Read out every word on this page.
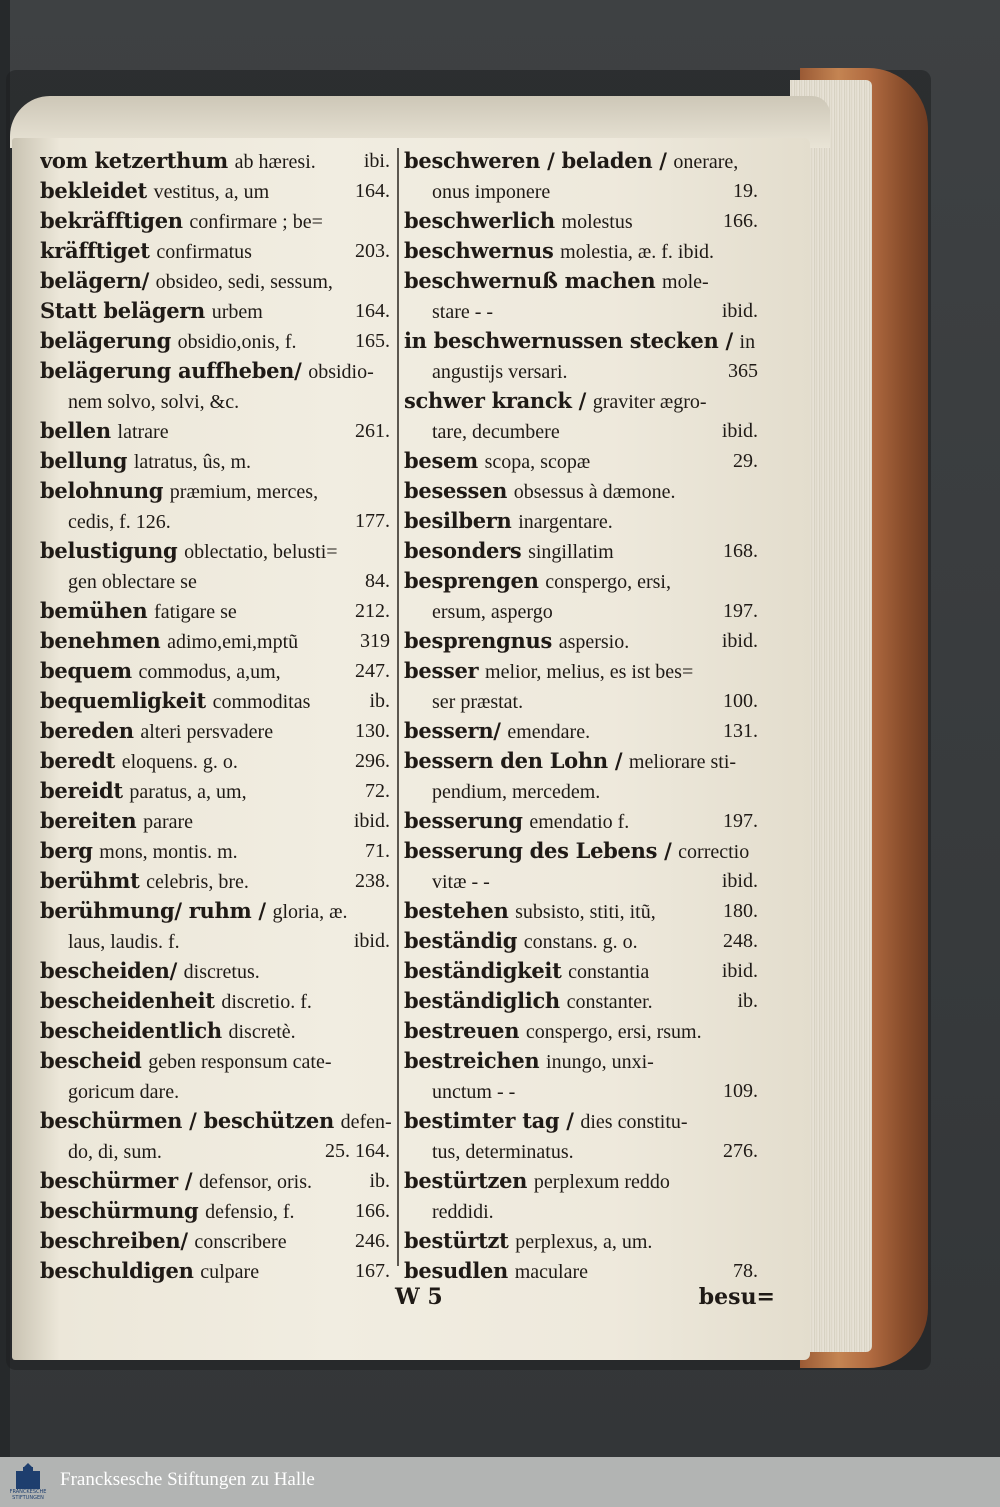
vom ketzerthum ab hæresi. ibi.
bekleidet vestitus, a, um	164.
bekräfftigen confirmare ; be=
kräfftiget confirmatus	203.
belägern/ obsideo, sedi, sessum,
Statt belägern urbem	164.
belägerung obsidio,onis, f.	165.
belägerung auffheben/ obsidio-
nem solvo, solvi, &c.
bellen latrare	261.
bellung latratus, ûs, m.
belohnung præmium, merces,
cedis, f. 126.	177.
belustigung oblectatio, belusti=
gen oblectare se	84.
bemühen fatigare se	212.
benehmen adimo,emi,mptũ	319
bequem commodus, a,um,	247.
bequemligkeit commoditas	ib.
bereden alteri persvadere	130.
beredt eloquens. g. o.	296.
bereidt paratus, a, um,	72.
bereiten parare	ibid.
berg mons, montis. m.	71.
berühmt celebris, bre.	238.
berühmung/ ruhm / gloria, æ.
laus, laudis. f.	ibid.
bescheiden/ discretus.
bescheidenheit discretio. f.
bescheidentlich discretè.
bescheid geben responsum cate-
goricum dare.
beschürmen / beschützen defen-
do, di, sum.	25. 164.
beschürmer / defensor, oris.	ib.
beschürmung defensio, f.	166.
beschreiben/ conscribere	246.
beschuldigen culpare	167.
beschweren / beladen / onerare,
onus imponere	19.
beschwerlich molestus	166.
beschwernus molestia, æ. f. ibid.
beschwernuß machen mole-
stare - -	ibid.
in beschwernussen stecken / in
angustijs versari.	365
schwer kranck / graviter ægro-
tare, decumbere	ibid.
besem scopa, scopæ	29.
besessen obsessus à dæmone.
besilbern inargentare.
besonders singillatim	168.
besprengen conspergo, ersi,
ersum, aspergo	197.
besprengnus aspersio.	ibid.
besser melior, melius, es ist bes=
ser præstat.	100.
bessern/ emendare.	131.
bessern den Lohn / meliorare sti-
pendium, mercedem.
besserung emendatio f.	197.
besserung des Lebens / correctio
vitæ - -	ibid.
bestehen subsisto, stiti, itũ,	180.
beständig constans. g. o.	248.
beständigkeit constantia	ibid.
beständiglich constanter.	ib.
bestreuen conspergo, ersi, rsum.
bestreichen inungo, unxi-
unctum - -	109.
bestimter tag / dies constitu-
tus, determinatus.	276.
bestürtzen perplexum reddo
reddidi.
bestürtzt perplexus, a, um.
besudlen maculare	78.
W 5	besu=
FRANCKESCHE STIFTUNGEN
Francksesche Stiftungen zu Halle
